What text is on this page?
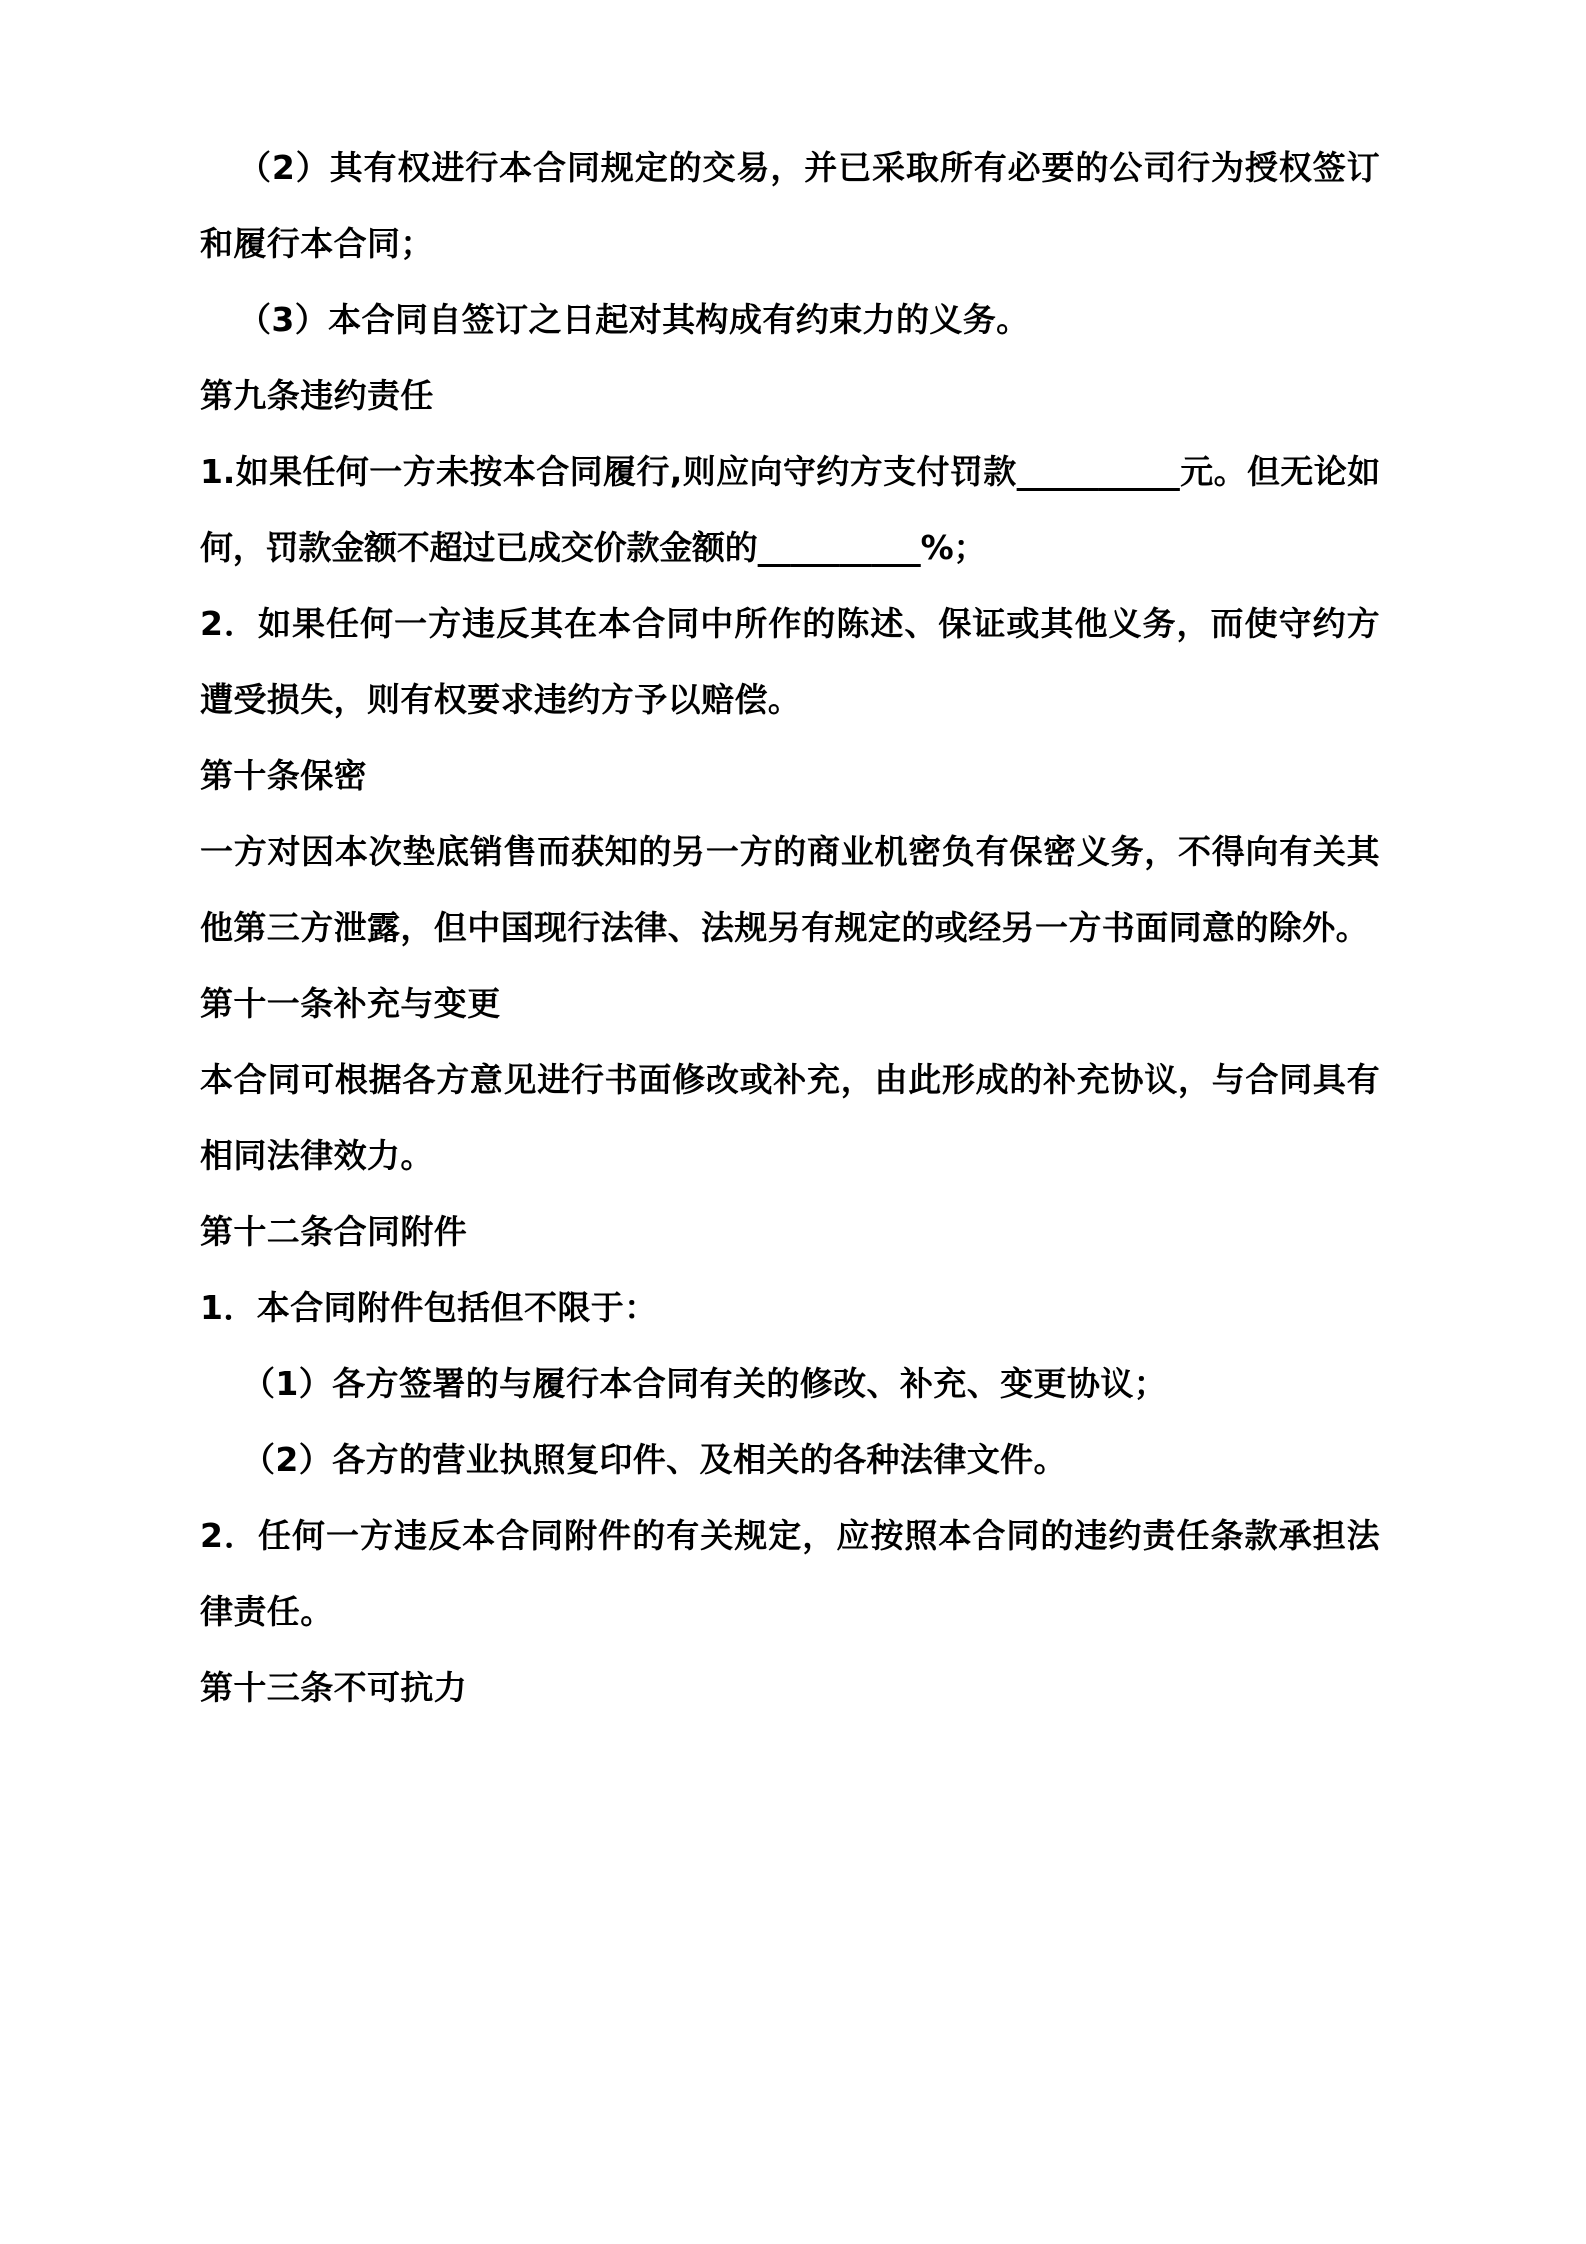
（2）其有权进行本合同规定的交易，并已采取所有必要的公司行为授权签订和履行本合同；

（3）本合同自签订之日起对其构成有约束力的义务。

第九条违约责任

1.如果任何一方未按本合同履行,则应向守约方支付罚款__________元。但无论如何，罚款金额不超过已成交价款金额的__________%；

2．如果任何一方违反其在本合同中所作的陈述、保证或其他义务，而使守约方遭受损失，则有权要求违约方予以赔偿。

第十条保密

一方对因本次垫底销售而获知的另一方的商业机密负有保密义务，不得向有关其他第三方泄露，但中国现行法律、法规另有规定的或经另一方书面同意的除外。

第十一条补充与变更

本合同可根据各方意见进行书面修改或补充，由此形成的补充协议，与合同具有相同法律效力。

第十二条合同附件

1．本合同附件包括但不限于：

（1）各方签署的与履行本合同有关的修改、补充、变更协议；

（2）各方的营业执照复印件、及相关的各种法律文件。

2．任何一方违反本合同附件的有关规定，应按照本合同的违约责任条款承担法律责任。

第十三条不可抗力
